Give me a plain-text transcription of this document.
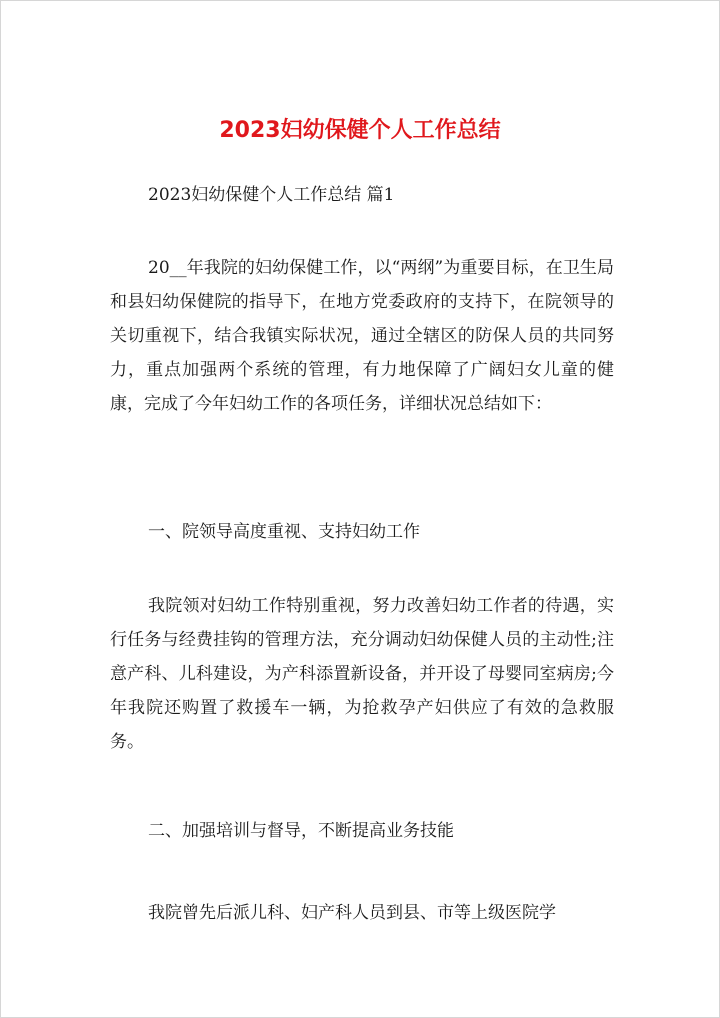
2023妇幼保健个人工作总结
2023妇幼保健个人工作总结 篇1
20__年我院的妇幼保健工作，以“两纲”为重要目标，在卫生局和县妇幼保健院的指导下，在地方党委政府的支持下，在院领导的关切重视下，结合我镇实际状况，通过全辖区的防保人员的共同努力，重点加强两个系统的管理，有力地保障了广阔妇女儿童的健康，完成了今年妇幼工作的各项任务，详细状况总结如下：
一、院领导高度重视、支持妇幼工作
我院领对妇幼工作特别重视，努力改善妇幼工作者的待遇，实行任务与经费挂钩的管理方法，充分调动妇幼保健人员的主动性;注意产科、儿科建设，为产科添置新设备，并开设了母婴同室病房;今年我院还购置了救援车一辆，为抢救孕产妇供应了有效的急救服务。
二、加强培训与督导，不断提高业务技能
我院曾先后派儿科、妇产科人员到县、市等上级医院学
